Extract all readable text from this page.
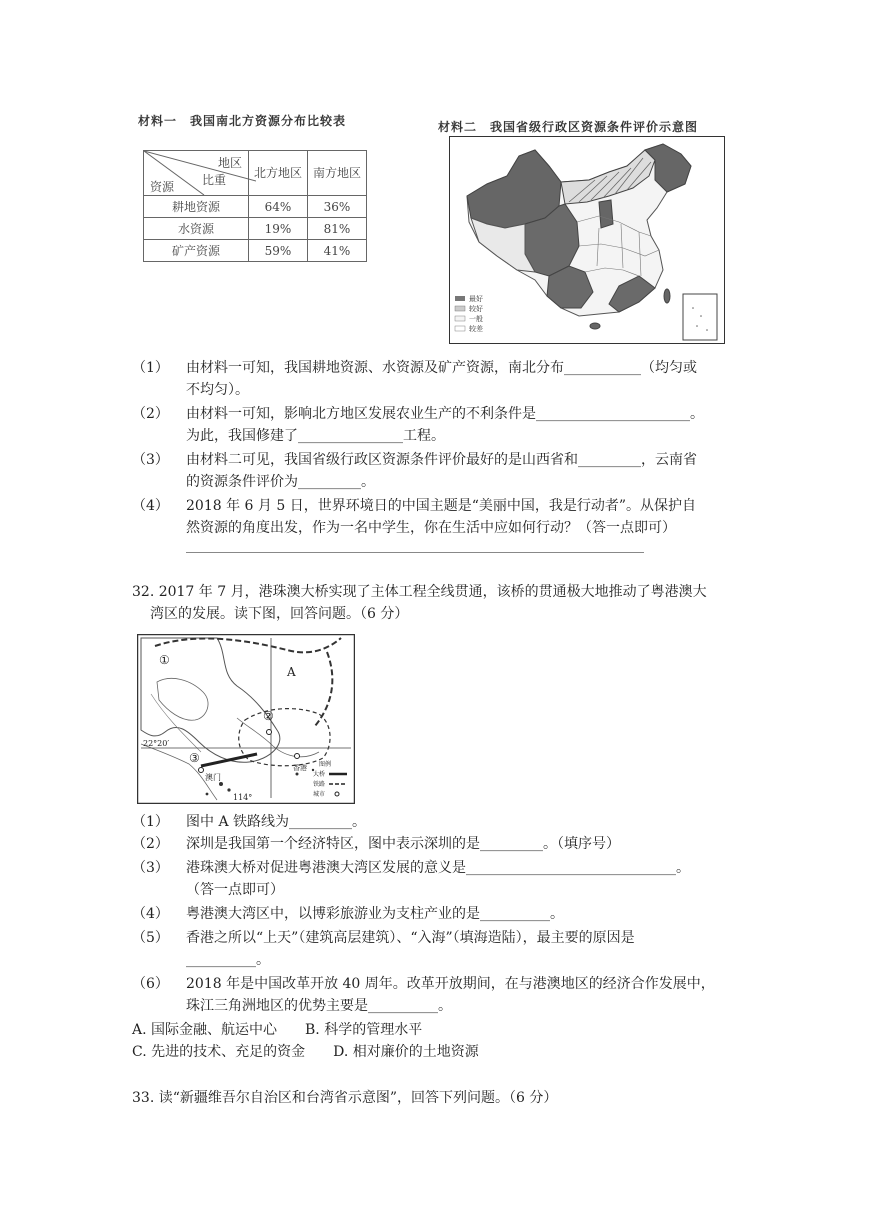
材料一　我国南北方资源分布比较表
地区
比重
资源	北方地区	南方地区
耕地资源	64%	36%
水资源	19%	81%
矿产资源	59%	41%
材料二　我国省级行政区资源条件评价示意图
最好
较好
一般
较差
（1） 由材料一可知，我国耕地资源、水资源及矿产资源，南北分布___________（均匀或
不均匀）。
（2） 由材料一可知，影响北方地区发展农业生产的不利条件是______________________。
为此，我国修建了_______________工程。
（3） 由材料二可见，我国省级行政区资源条件评价最好的是山西省和_________，云南省
的资源条件评价为_________。
（4） 2018 年 6 月 5 日，世界环境日的中国主题是“美丽中国，我是行动者”。从保护自
然资源的角度出发，作为一名中学生，你在生活中应如何行动？（答一点即可）
32. 2017 年 7 月，港珠澳大桥实现了主体工程全线贯通，该桥的贯通极大地推动了粤港澳大
湾区的发展。读下图，回答问题。（6 分）
A
①
②
③
22°20′
114°
澳门
香港 图例
大桥
铁路
城市
（1） 图中 A 铁路线为_________。
（2） 深圳是我国第一个经济特区，图中表示深圳的是_________。（填序号）
（3） 港珠澳大桥对促进粤港澳大湾区发展的意义是______________________________。
（答一点即可）
（4） 粤港澳大湾区中，以博彩旅游业为支柱产业的是__________。
（5） 香港之所以“上天”（建筑高层建筑）、“入海”（填海造陆），最主要的原因是
__________。
（6） 2018 年是中国改革开放 40 周年。改革开放期间，在与港澳地区的经济合作发展中，
珠江三角洲地区的优势主要是__________。
A. 国际金融、航运中心　　B. 科学的管理水平
C. 先进的技术、充足的资金　　D. 相对廉价的土地资源
33. 读“新疆维吾尔自治区和台湾省示意图”，回答下列问题。（6 分）
